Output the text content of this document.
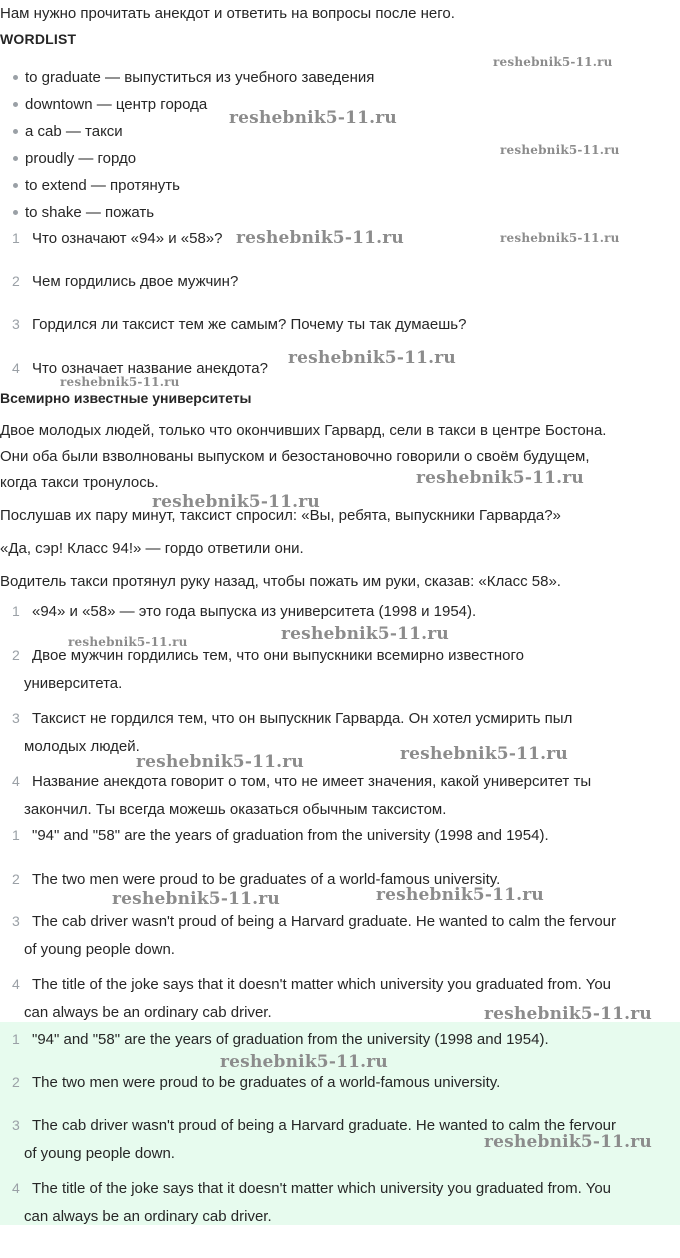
Нам нужно прочитать анекдот и ответить на вопросы после него.
WORDLIST
to graduate — выпуститься из учебного заведения
downtown — центр города
a cab — такси
proudly — гордо
to extend — протянуть
to shake — пожать
1 Что означают «94» и «58»?
2 Чем гордились двое мужчин?
3 Гордился ли таксист тем же самым? Почему ты так думаешь?
4 Что означает название анекдота?
Всемирно известные университеты
Двое молодых людей, только что окончивших Гарвард, сели в такси в центре Бостона.
Они оба были взволнованы выпуском и безостановочно говорили о своём будущем,
когда такси тронулось.
Послушав их пару минут, таксист спросил: «Вы, ребята, выпускники Гарварда?»
«Да, сэр! Класс 94!» — гордо ответили они.
Водитель такси протянул руку назад, чтобы пожать им руки, сказав: «Класс 58».
1 «94» и «58» — это года выпуска из университета (1998 и 1954).
2 Двое мужчин гордились тем, что они выпускники всемирно известного
университета.
3 Таксист не гордился тем, что он выпускник Гарварда. Он хотел усмирить пыл
молодых людей.
4 Название анекдота говорит о том, что не имеет значения, какой университет ты
закончил. Ты всегда можешь оказаться обычным таксистом.
1 "94" and "58" are the years of graduation from the university (1998 and 1954).
2 The two men were proud to be graduates of a world-famous university.
3 The cab driver wasn't proud of being a Harvard graduate. He wanted to calm the fervour
of young people down.
4 The title of the joke says that it doesn't matter which university you graduated from. You
can always be an ordinary cab driver.
1 "94" and "58" are the years of graduation from the university (1998 and 1954).
2 The two men were proud to be graduates of a world-famous university.
3 The cab driver wasn't proud of being a Harvard graduate. He wanted to calm the fervour
of young people down.
4 The title of the joke says that it doesn't matter which university you graduated from. You
can always be an ordinary cab driver.
reshebnik5-11.ru
reshebnik5-11.ru
reshebnik5-11.ru
reshebnik5-11.ru	reshebnik5-11.ru
reshebnik5-11.ru
reshebnik5-11.ru
reshebnik5-11.ru
reshebnik5-11.ru
reshebnik5-11.ru
reshebnik5-11.ru
reshebnik5-11.ru
reshebnik5-11.ru
reshebnik5-11.ru
reshebnik5-11.ru
reshebnik5-11.ru
reshebnik5-11.ru
reshebnik5-11.ru
